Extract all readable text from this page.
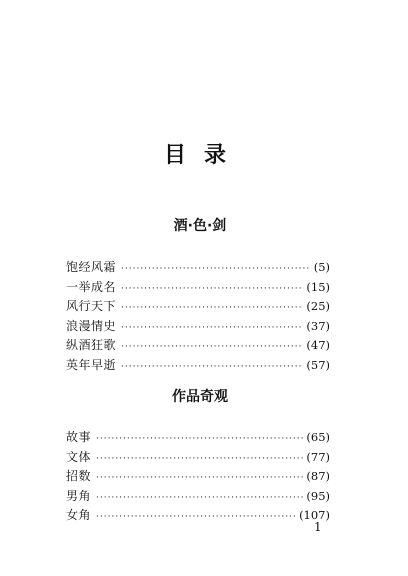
目录
酒·色·剑
饱经风霜 ·····	(5)
一举成名 ·····	(15)
风行天下 ·····	(25)
浪漫情史 ·····	(37)
纵酒狂歌 ·····	(47)
英年早逝 ·····	(57)
作品奇观
故事 ·····	(65)
文体 ·····	(77)
招数 ·····	(87)
男角 ·····	(95)
女角 ·····	(107)
1
